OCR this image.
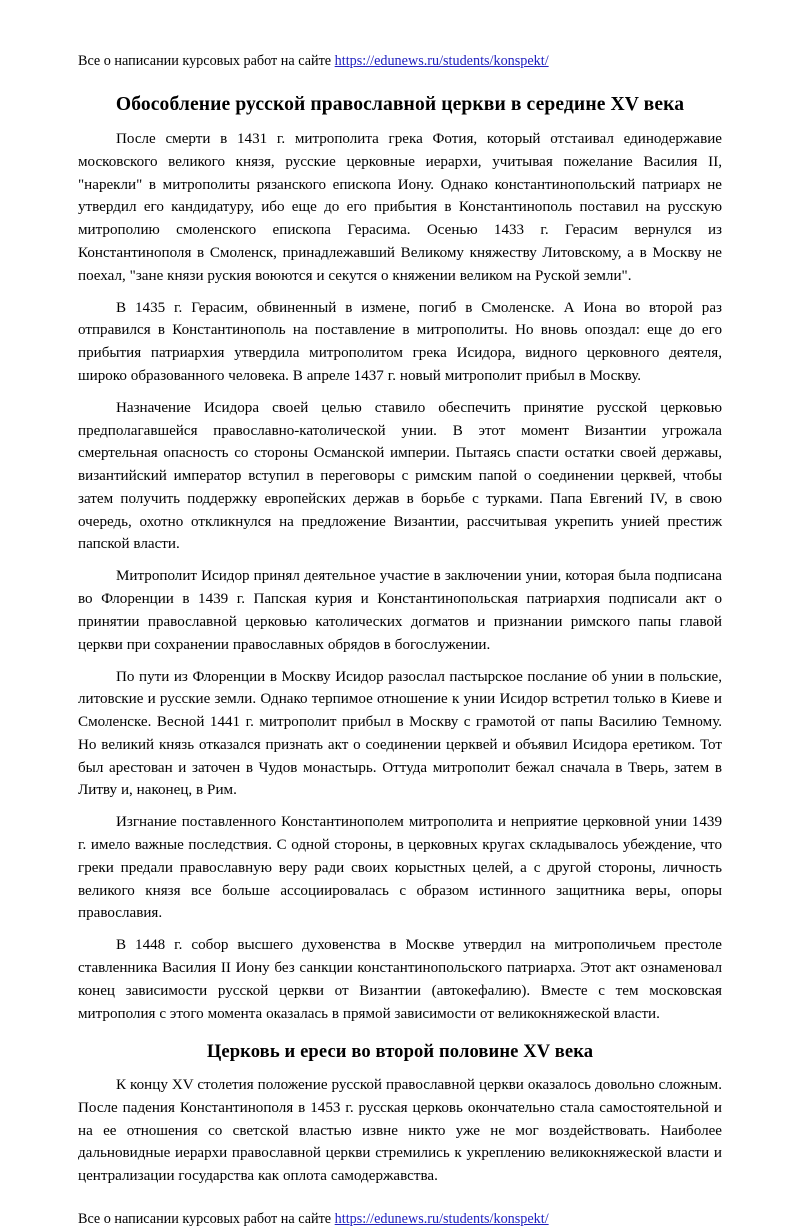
Все о написании курсовых работ на сайте https://edunews.ru/students/konspekt/
Обособление русской православной церкви в середине XV века

После смерти в 1431 г. митрополита грека Фотия, который отстаивал единодержавие московского великого князя, русские церковные иерархи, учитывая пожелание Василия II, "нарекли" в митрополиты рязанского епископа Иону. Однако константинопольский патриарх не утвердил его кандидатуру, ибо еще до его прибытия в Константинополь поставил на русскую митрополию смоленского епископа Герасима. Осенью 1433 г. Герасим вернулся из Константинополя в Смоленск, принадлежавший Великому княжеству Литовскому, а в Москву не поехал, "зане князи руския воюются и секутся о княжении великом на Руской земли".

В 1435 г. Герасим, обвиненный в измене, погиб в Смоленске. А Иона во второй раз отправился в Константинополь на поставление в митрополиты. Но вновь опоздал: еще до его прибытия патриархия утвердила митрополитом грека Исидора, видного церковного деятеля, широко образованного человека. В апреле 1437 г. новый митрополит прибыл в Москву.

Назначение Исидора своей целью ставило обеспечить принятие русской церковью предполагавшейся православно-католической унии. В этот момент Византии угрожала смертельная опасность со стороны Османской империи. Пытаясь спасти остатки своей державы, византийский император вступил в переговоры с римским папой о соединении церквей, чтобы затем получить поддержку европейских держав в борьбе с турками. Папа Евгений IV, в свою очередь, охотно откликнулся на предложение Византии, рассчитывая укрепить унией престиж папской власти.

Митрополит Исидор принял деятельное участие в заключении унии, которая была подписана во Флоренции в 1439 г. Папская курия и Константинопольская патриархия подписали акт о принятии православной церковью католических догматов и признании римского папы главой церкви при сохранении православных обрядов в богослужении.

По пути из Флоренции в Москву Исидор разослал пастырское послание об унии в польские, литовские и русские земли. Однако терпимое отношение к унии Исидор встретил только в Киеве и Смоленске. Весной 1441 г. митрополит прибыл в Москву с грамотой от папы Василию Темному. Но великий князь отказался признать акт о соединении церквей и объявил Исидора еретиком. Тот был арестован и заточен в Чудов монастырь. Оттуда митрополит бежал сначала в Тверь, затем в Литву и, наконец, в Рим.

Изгнание поставленного Константинополем митрополита и неприятие церковной унии 1439 г. имело важные последствия. С одной стороны, в церковных кругах складывалось убеждение, что греки предали православную веру ради своих корыстных целей, а с другой стороны, личность великого князя все больше ассоциировалась с образом истинного защитника веры, опоры православия.

В 1448 г. собор высшего духовенства в Москве утвердил на митрополичьем престоле ставленника Василия II Иону без санкции константинопольского патриарха. Этот акт ознаменовал конец зависимости русской церкви от Византии (автокефалию). Вместе с тем московская митрополия с этого момента оказалась в прямой зависимости от великокняжеской власти.

Церковь и ереси во второй половине XV века

К концу XV столетия положение русской православной церкви оказалось довольно сложным. После падения Константинополя в 1453 г. русская церковь окончательно стала самостоятельной и на ее отношения со светской властью извне никто уже не мог воздействовать. Наиболее дальновидные иерархи православной церкви стремились к укреплению великокняжеской власти и централизации государства как оплота самодержавства.

Все о написании курсовых работ на сайте https://edunews.ru/students/konspekt/
